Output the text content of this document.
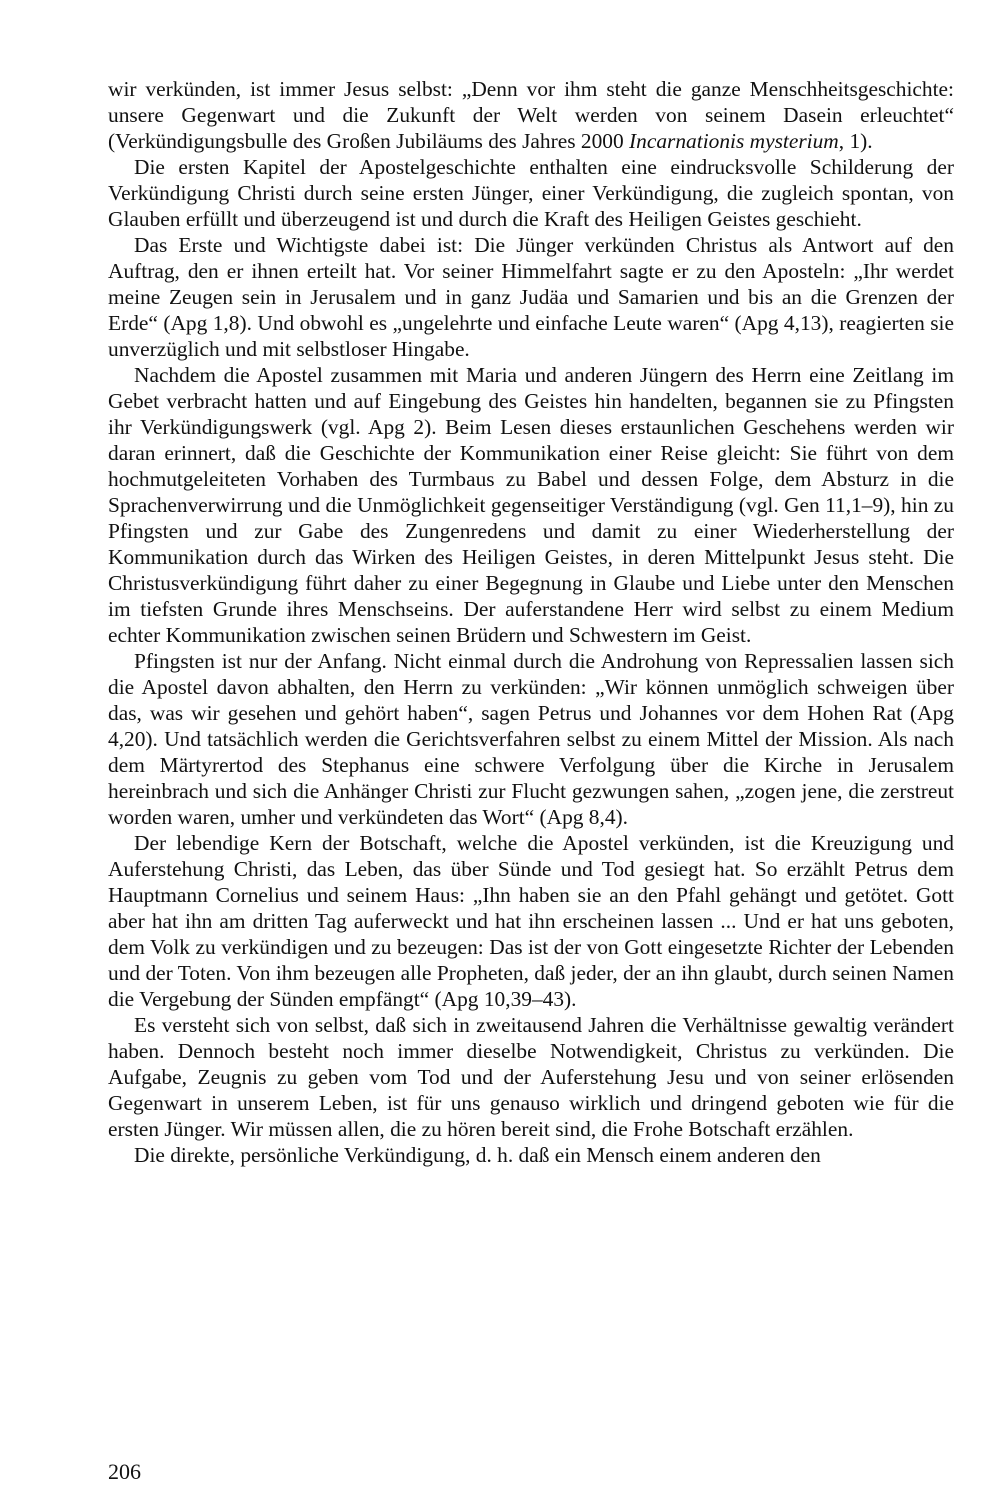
wir verkünden, ist immer Jesus selbst: „Denn vor ihm steht die ganze Menschheitsgeschichte: unsere Gegenwart und die Zukunft der Welt werden von seinem Dasein erleuchtet“ (Verkündigungsbulle des Großen Jubiläums des Jahres 2000 Incarnationis mysterium, 1).

Die ersten Kapitel der Apostelgeschichte enthalten eine eindrucksvolle Schilderung der Verkündigung Christi durch seine ersten Jünger, einer Verkündigung, die zugleich spontan, von Glauben erfüllt und überzeugend ist und durch die Kraft des Heiligen Geistes geschieht.

Das Erste und Wichtigste dabei ist: Die Jünger verkünden Christus als Antwort auf den Auftrag, den er ihnen erteilt hat. Vor seiner Himmelfahrt sagte er zu den Aposteln: „Ihr werdet meine Zeugen sein in Jerusalem und in ganz Judäa und Samarien und bis an die Grenzen der Erde“ (Apg 1,8). Und obwohl es „ungelehrte und einfache Leute waren“ (Apg 4,13), reagierten sie unverzüglich und mit selbstloser Hingabe.

Nachdem die Apostel zusammen mit Maria und anderen Jüngern des Herrn eine Zeitlang im Gebet verbracht hatten und auf Eingebung des Geistes hin handelten, begannen sie zu Pfingsten ihr Verkündigungswerk (vgl. Apg 2). Beim Lesen dieses erstaunlichen Geschehens werden wir daran erinnert, daß die Geschichte der Kommunikation einer Reise gleicht: Sie führt von dem hochmutgeleiteten Vorhaben des Turmbaus zu Babel und dessen Folge, dem Absturz in die Sprachenverwirrung und die Unmöglichkeit gegenseitiger Verständigung (vgl. Gen 11,1–9), hin zu Pfingsten und zur Gabe des Zungenredens und damit zu einer Wiederherstellung der Kommunikation durch das Wirken des Heiligen Geistes, in deren Mittelpunkt Jesus steht. Die Christusverkündigung führt daher zu einer Begegnung in Glaube und Liebe unter den Menschen im tiefsten Grunde ihres Menschseins. Der auferstandene Herr wird selbst zu einem Medium echter Kommunikation zwischen seinen Brüdern und Schwestern im Geist.

Pfingsten ist nur der Anfang. Nicht einmal durch die Androhung von Repressalien lassen sich die Apostel davon abhalten, den Herrn zu verkünden: „Wir können unmöglich schweigen über das, was wir gesehen und gehört haben“, sagen Petrus und Johannes vor dem Hohen Rat (Apg 4,20). Und tatsächlich werden die Gerichtsverfahren selbst zu einem Mittel der Mission. Als nach dem Märtyrertod des Stephanus eine schwere Verfolgung über die Kirche in Jerusalem hereinbrach und sich die Anhänger Christi zur Flucht gezwungen sahen, „zogen jene, die zerstreut worden waren, umher und verkündeten das Wort“ (Apg 8,4).

Der lebendige Kern der Botschaft, welche die Apostel verkünden, ist die Kreuzigung und Auferstehung Christi, das Leben, das über Sünde und Tod gesiegt hat. So erzählt Petrus dem Hauptmann Cornelius und seinem Haus: „Ihn haben sie an den Pfahl gehängt und getötet. Gott aber hat ihn am dritten Tag auferweckt und hat ihn erscheinen lassen ... Und er hat uns geboten, dem Volk zu verkündigen und zu bezeugen: Das ist der von Gott eingesetzte Richter der Lebenden und der Toten. Von ihm bezeugen alle Propheten, daß jeder, der an ihn glaubt, durch seinen Namen die Vergebung der Sünden empfängt“ (Apg 10,39–43).

Es versteht sich von selbst, daß sich in zweitausend Jahren die Verhältnisse gewaltig verändert haben. Dennoch besteht noch immer dieselbe Notwendigkeit, Christus zu verkünden. Die Aufgabe, Zeugnis zu geben vom Tod und der Auferstehung Jesu und von seiner erlösenden Gegenwart in unserem Leben, ist für uns genauso wirklich und dringend geboten wie für die ersten Jünger. Wir müssen allen, die zu hören bereit sind, die Frohe Botschaft erzählen.

Die direkte, persönliche Verkündigung, d. h. daß ein Mensch einem anderen den

206
